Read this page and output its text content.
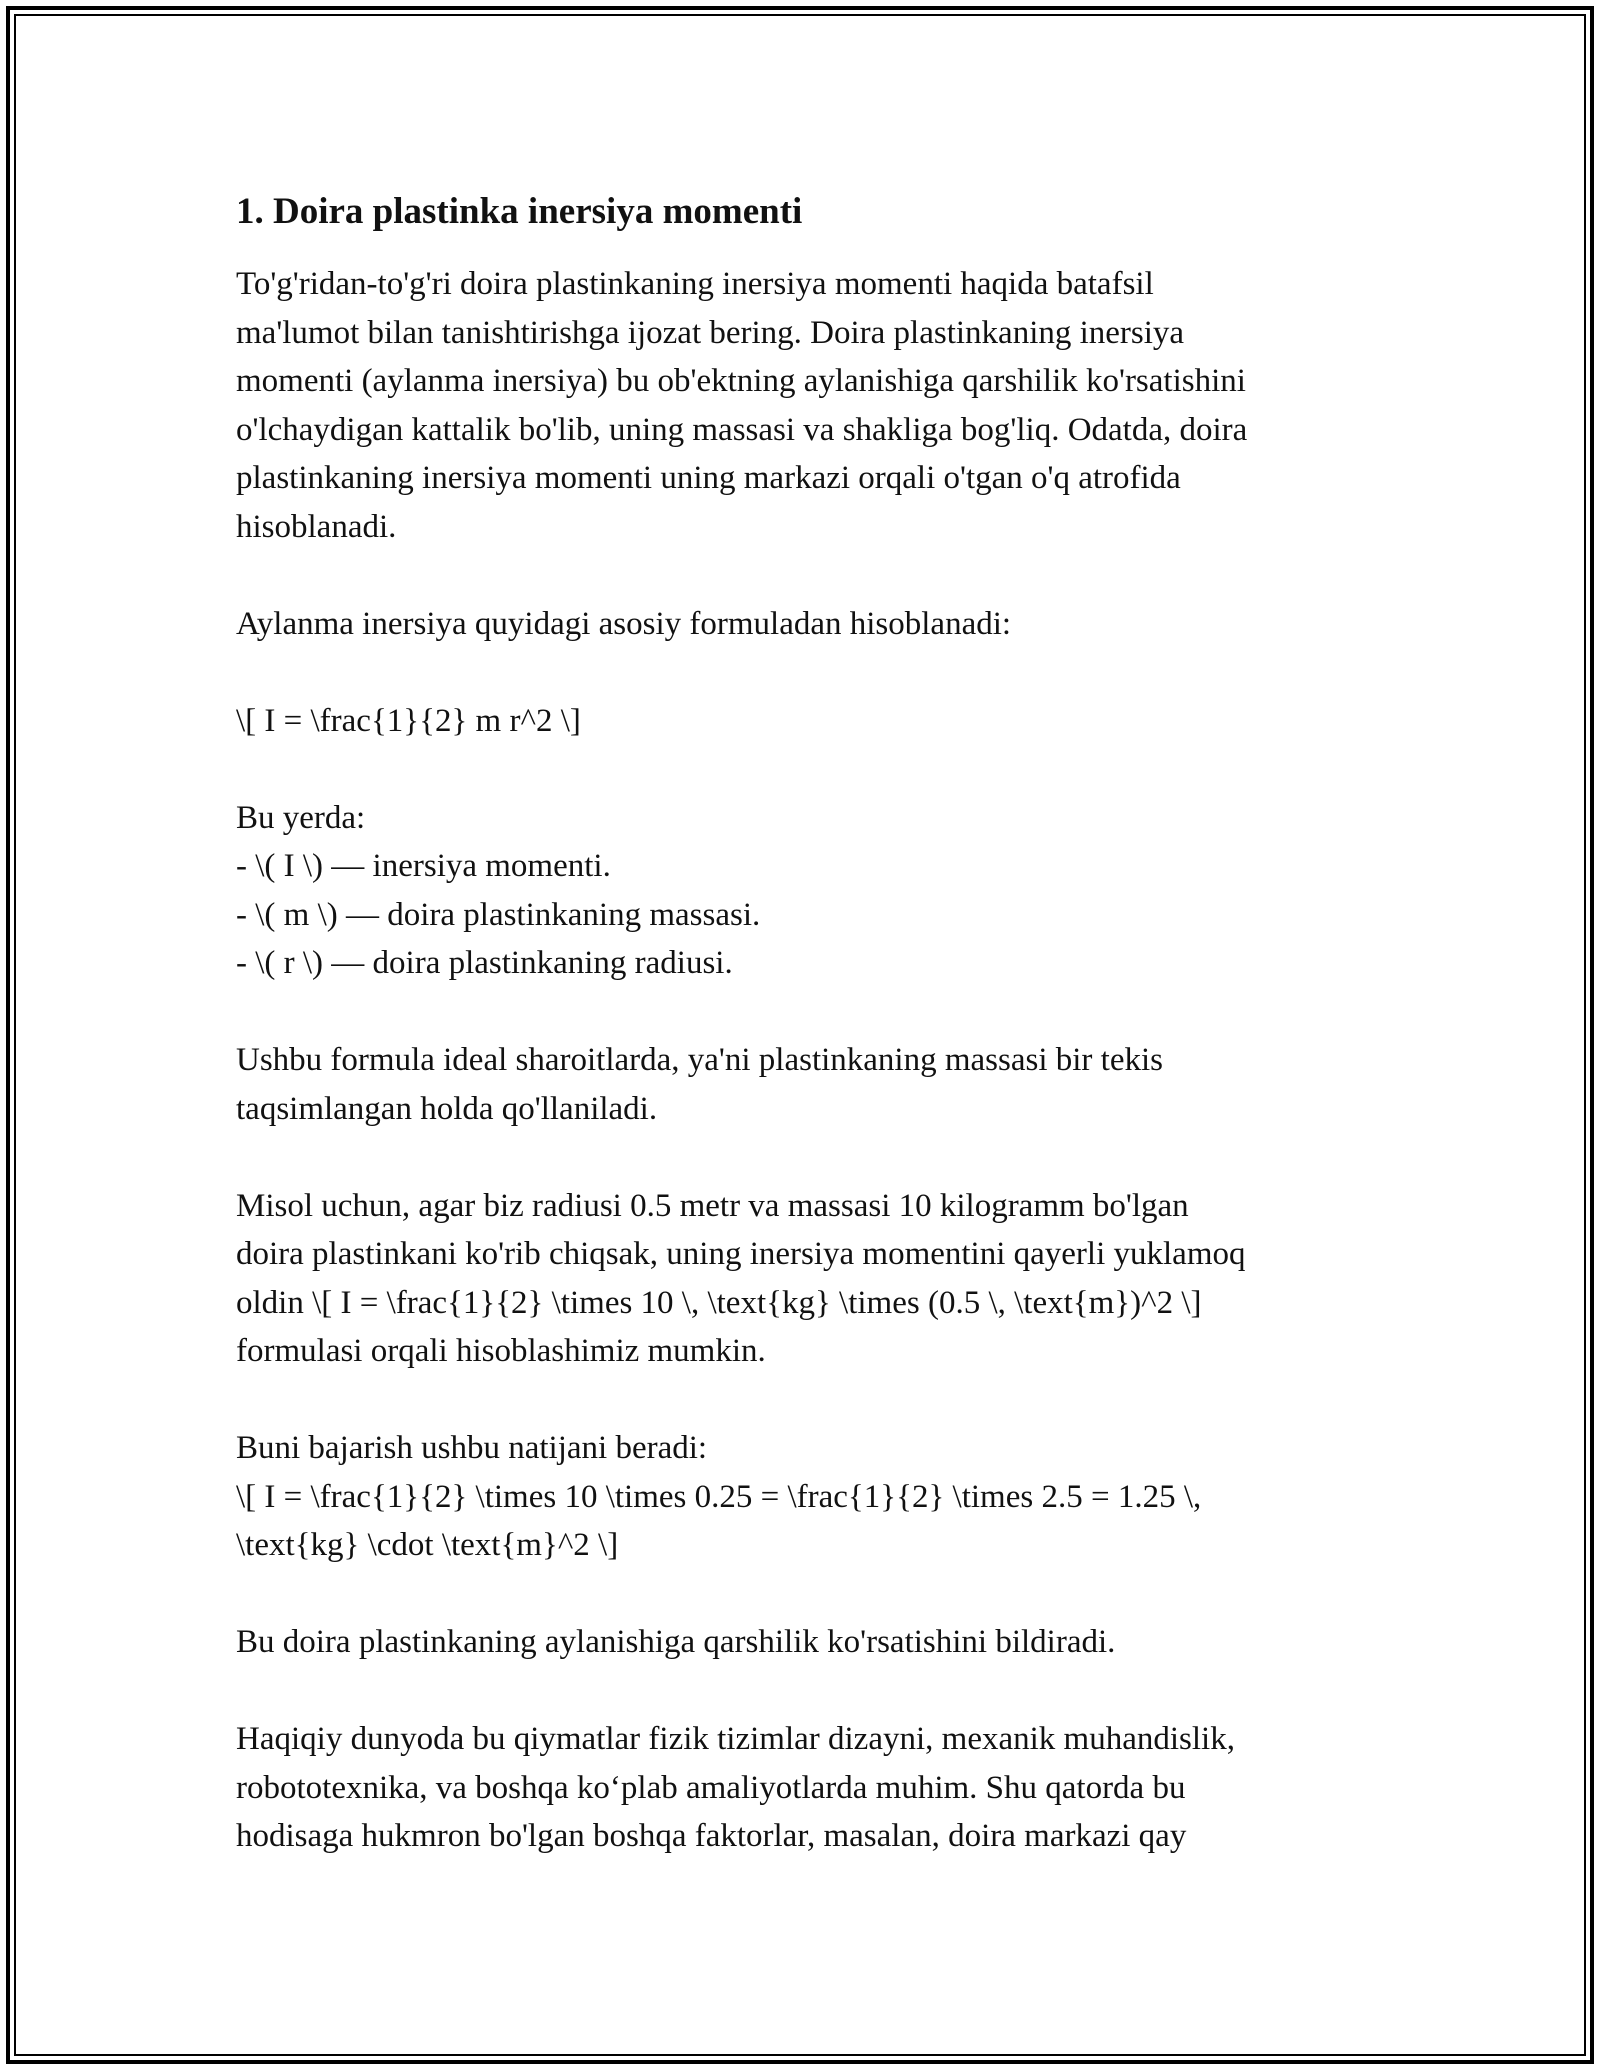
1. Doira plastinka inersiya momenti
To'g'ridan-to'g'ri doira plastinkaning inersiya momenti haqida batafsil
ma'lumot bilan tanishtirishga ijozat bering. Doira plastinkaning inersiya
momenti (aylanma inersiya) bu ob'ektning aylanishiga qarshilik ko'rsatishini
o'lchaydigan kattalik bo'lib, uning massasi va shakliga bog'liq. Odatda, doira
plastinkaning inersiya momenti uning markazi orqali o'tgan o'q atrofida
hisoblanadi.
Aylanma inersiya quyidagi asosiy formuladan hisoblanadi:
\[ I = \frac{1}{2} m r^2 \]
Bu yerda:
- \( I \) — inersiya momenti.
- \( m \) — doira plastinkaning massasi.
- \( r \) — doira plastinkaning radiusi.
Ushbu formula ideal sharoitlarda, ya'ni plastinkaning massasi bir tekis
taqsimlangan holda qo'llaniladi.
Misol uchun, agar biz radiusi 0.5 metr va massasi 10 kilogramm bo'lgan
doira plastinkani ko'rib chiqsak, uning inersiya momentini qayerli yuklamoq
oldin \[ I = \frac{1}{2} \times 10 \, \text{kg} \times (0.5 \, \text{m})^2 \]
formulasi orqali hisoblashimiz mumkin.
Buni bajarish ushbu natijani beradi:
\[ I = \frac{1}{2} \times 10 \times 0.25 = \frac{1}{2} \times 2.5 = 1.25 \,
\text{kg} \cdot \text{m}^2 \]
Bu doira plastinkaning aylanishiga qarshilik ko'rsatishini bildiradi.
Haqiqiy dunyoda bu qiymatlar fizik tizimlar dizayni, mexanik muhandislik,
robototexnika, va boshqa ko‘plab amaliyotlarda muhim. Shu qatorda bu
hodisaga hukmron bo'lgan boshqa faktorlar, masalan, doira markazi qay
